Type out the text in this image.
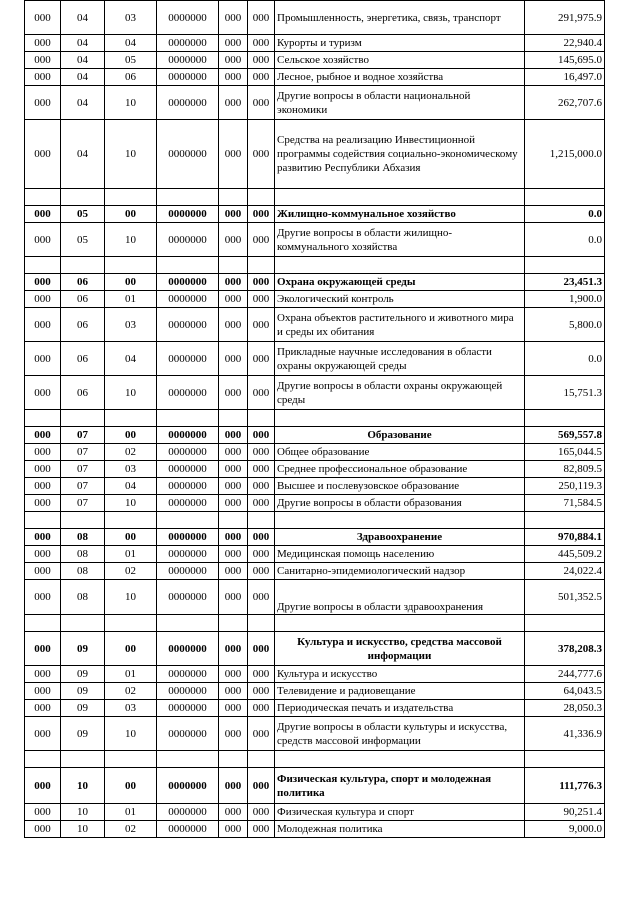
000	04	03	0000000	000	000	Промышленность, энергетика, связь, транспорт	291,975.9
000	04	04	0000000	000	000	Курорты и туризм	22,940.4
000	04	05	0000000	000	000	Сельское хозяйство	145,695.0
000	04	06	0000000	000	000	Лесное, рыбное и водное хозяйства	16,497.0
000	04	10	0000000	000	000	Другие вопросы в области национальной экономики	262,707.6
000	04	10	0000000	000	000	Средства на реализацию Инвестиционной программы содействия социально-экономическому развитию Республики Абхазия	1,215,000.0

000	05	00	0000000	000	000	Жилищно-коммунальное хозяйство	0.0
000	05	10	0000000	000	000	Другие вопросы в области жилищно-коммунального хозяйства	0.0

000	06	00	0000000	000	000	Охрана окружающей среды	23,451.3
000	06	01	0000000	000	000	Экологический контроль	1,900.0
000	06	03	0000000	000	000	Охрана объектов растительного и животного мира и среды их обитания	5,800.0
000	06	04	0000000	000	000	Прикладные научные исследования в области охраны окружающей среды	0.0
000	06	10	0000000	000	000	Другие вопросы в области охраны окружающей среды	15,751.3

000	07	00	0000000	000	000	Образование	569,557.8
000	07	02	0000000	000	000	Общее образование	165,044.5
000	07	03	0000000	000	000	Среднее профессиональное образование	82,809.5
000	07	04	0000000	000	000	Высшее и послевузовское образование	250,119.3
000	07	10	0000000	000	000	Другие вопросы в области образования	71,584.5

000	08	00	0000000	000	000	Здравоохранение	970,884.1
000	08	01	0000000	000	000	Медицинская помощь населению	445,509.2
000	08	02	0000000	000	000	Санитарно-эпидемиологический надзор	24,022.4
000	08	10	0000000	000	000	Другие вопросы в области здравоохранения	501,352.5

000	09	00	0000000	000	000	Культура и искусство, средства массовой информации	378,208.3
000	09	01	0000000	000	000	Культура и искусство	244,777.6
000	09	02	0000000	000	000	Телевидение и радиовещание	64,043.5
000	09	03	0000000	000	000	Периодическая печать и издательства	28,050.3
000	09	10	0000000	000	000	Другие вопросы в области культуры и искусства, средств массовой информации	41,336.9

000	10	00	0000000	000	000	Физическая культура, спорт и молодежная политика	111,776.3
000	10	01	0000000	000	000	Физическая культура и спорт	90,251.4
000	10	02	0000000	000	000	Молодежная политика	9,000.0
